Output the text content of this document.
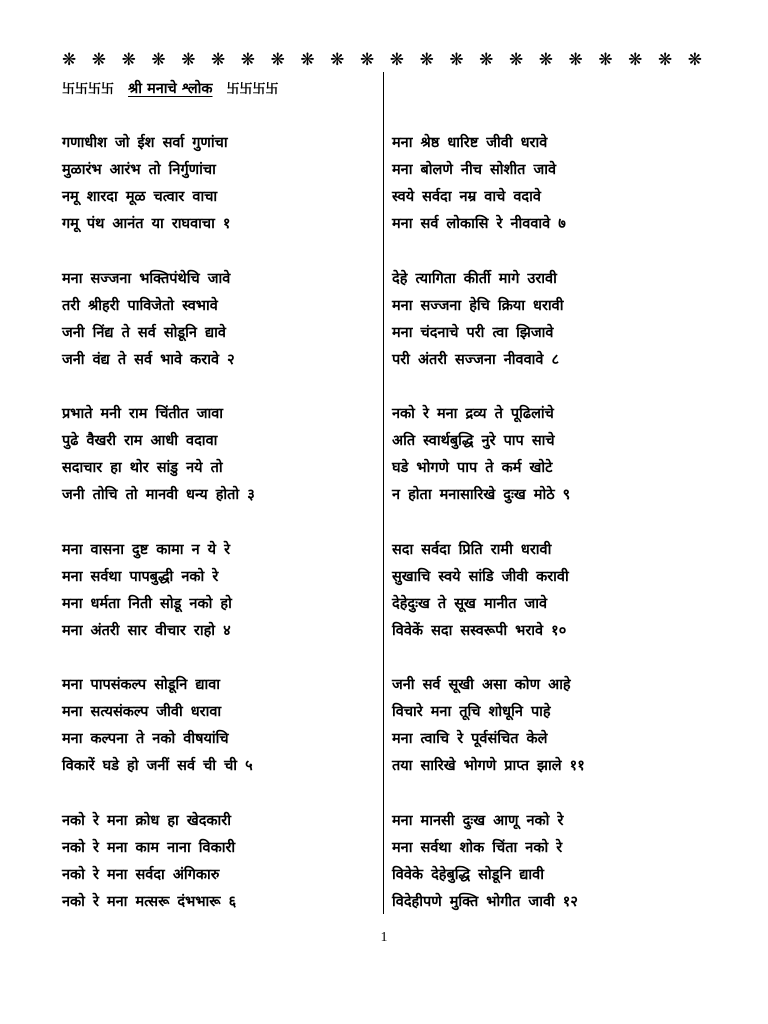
❋ ❋ ❋ ❋ ❋ ❋ ❋ ❋ ❋ ❋ ❋ ❋ ❋ ❋ ❋ ❋ ❋ ❋ ❋ ❋ ❋ ❋
卐卐卐卐 श्री मनाचे श्लोक	卐卐卐卐
गणाधीश जो ईश सर्वा गुणांचा
मुळारंभ आरंभ तो निर्गुणांचा
नमू शारदा मूळ चत्वार वाचा
गमू पंथ आनंत या राघवाचा १
मना सज्जना भक्तिपंथेचि जावे
तरी श्रीहरी पाविजेतो स्वभावे
जनी निंद्य ते सर्व सोडूनि द्यावे
जनी वंद्य ते सर्व भावे करावे २
प्रभाते मनी राम चिंतीत जावा
पुढे वैखरी राम आधी वदावा
सदाचार हा थोर सांडु नये तो
जनी तोचि तो मानवी धन्य होतो ३
मना वासना दुष्ट कामा न ये रे
मना सर्वथा पापबुद्धी नको रे
मना धर्मता निती सोडू नको हो
मना अंतरी सार वीचार राहो ४
मना पापसंकल्प सोडूनि द्यावा
मना सत्यसंकल्प जीवी धरावा
मना कल्पना ते नको वीषयांचि
विकारें घडे हो जनीं सर्व ची ची ५
नको रे मना क्रोध हा खेदकारी
नको रे मना काम नाना विकारी
नको रे मना सर्वदा अंगिकारु
नको रे मना मत्सरू दंभभारू ६
मना श्रेष्ठ धारिष्ट जीवी धरावे
मना बोलणे नीच सोशीत जावे
स्वये सर्वदा नम्र वाचे वदावे
मना सर्व लोकासि रे नीववावे ७
देहे त्यागिता कीर्ती मागे उरावी
मना सज्जना हेचि क्रिया धरावी
मना चंदनाचे परी त्वा झिजावे
परी अंतरी सज्जना नीववावे ८
नको रे मना द्रव्य ते पूढिलांचे
अति स्वार्थबुद्धि नुरे पाप साचे
घडे भोगणे पाप ते कर्म खोटे
न होता मनासारिखे दुःख मोठे ९
सदा सर्वदा प्रिति रामी धरावी
सुखाचि स्वये सांडि जीवी करावी
देहेदुःख ते सूख मानीत जावे
विवेकें सदा सस्वरूपी भरावे १०
जनी सर्व सूखी असा कोण आहे
विचारे मना तूचि शोधूनि पाहे
मना त्वाचि रे पूर्वसंचित केले
तया सारिखे भोगणे प्राप्त झाले ११
मना मानसी दुःख आणू नको रे
मना सर्वथा शोक चिंता नको रे
विवेके देहेबुद्धि सोडूनि द्यावी
विदेहीपणे मुक्ति भोगीत जावी १२
1
